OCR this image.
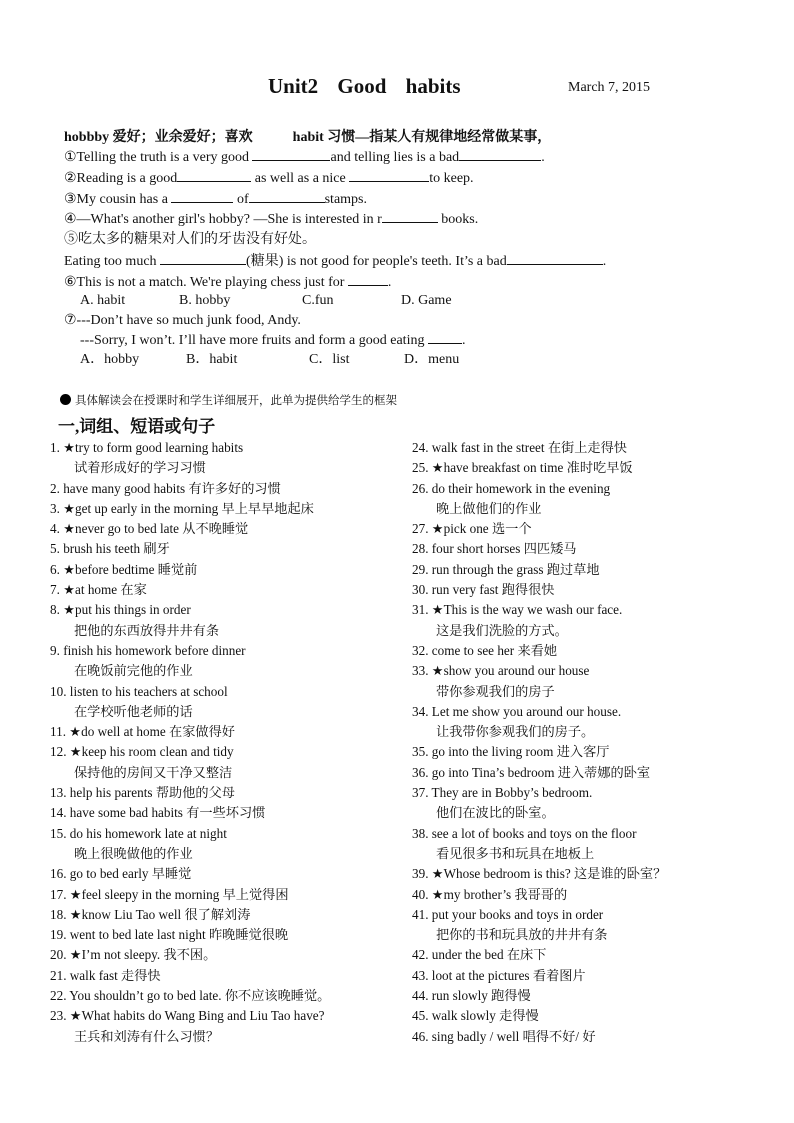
Unit2 Good habits	March 7, 2015
hobbby 爱好；业余爱好；喜欢	habit 习惯—指某人有规律地经常做某事，
①Telling the truth is a very good	and telling lies is a bad	.
②Reading is a good	as well as a nice	to keep.
③My cousin has a	of	stamps.
④—What's another girl's hobby? —She is interested in r	books.
⑤吃太多的糖果对人们的牙齿没有好处。
Eating too much	(糖果) is not good for people's teeth. It’s a bad	.
⑥This is not a match. We're playing chess just for	.
A. habit	B. hobby	C.fun	D. Game
⑦---Don’t have so much junk food, Andy.
---Sorry, I won’t. I’ll have more fruits and form a good eating .
A．hobby	B．habit	C．list	D．menu
具体解读会在授课时和学生详细展开，此单为提供给学生的框架
一,词组、短语或句子
1. ★try to form good learning habits
试着形成好的学习习惯
2. have many good habits 有许多好的习惯
3. ★get up early in the morning 早上早早地起床
4. ★never go to bed late 从不晚睡觉
5. brush his teeth 刷牙
6. ★before bedtime 睡觉前
7. ★at home 在家
8. ★put his things in order
把他的东西放得井井有条
9. finish his homework before dinner
在晚饭前完他的作业
10. listen to his teachers at school
在学校听他老师的话
11. ★do well at home 在家做得好
12. ★keep his room clean and tidy
保持他的房间又干净又整洁
13. help his parents 帮助他的父母
14. have some bad habits 有一些坏习惯
15. do his homework late at night
晚上很晚做他的作业
16. go to bed early 早睡觉
17. ★feel sleepy in the morning 早上觉得困
18. ★know Liu Tao well 很了解刘涛
19. went to bed late last night 昨晚睡觉很晚
20. ★I’m not sleepy. 我不困。
21. walk fast 走得快
22. You shouldn’t go to bed late. 你不应该晚睡觉。
23. ★What habits do Wang Bing and Liu Tao have?
王兵和刘涛有什么习惯？
24. walk fast in the street 在街上走得快
25. ★have breakfast on time 准时吃早饭
26. do their homework in the evening
晚上做他们的作业
27. ★pick one 选一个
28. four short horses 四匹矮马
29. run through the grass 跑过草地
30. run very fast 跑得很快
31. ★This is the way we wash our face.
这是我们洗脸的方式。
32. come to see her 来看她
33. ★show you around our house
带你参观我们的房子
34. Let me show you around our house.
让我带你参观我们的房子。
35. go into the living room 进入客厅
36. go into Tina’s bedroom 进入蒂娜的卧室
37. They are in Bobby’s bedroom.
他们在波比的卧室。
38. see a lot of books and toys on the floor
看见很多书和玩具在地板上
39. ★Whose bedroom is this? 这是谁的卧室？
40. ★my brother’s 我哥哥的
41. put your books and toys in order
把你的书和玩具放的井井有条
42. under the bed 在床下
43. loot at the pictures 看着图片
44. run slowly 跑得慢
45. walk slowly 走得慢
46. sing badly / well 唱得不好/ 好
